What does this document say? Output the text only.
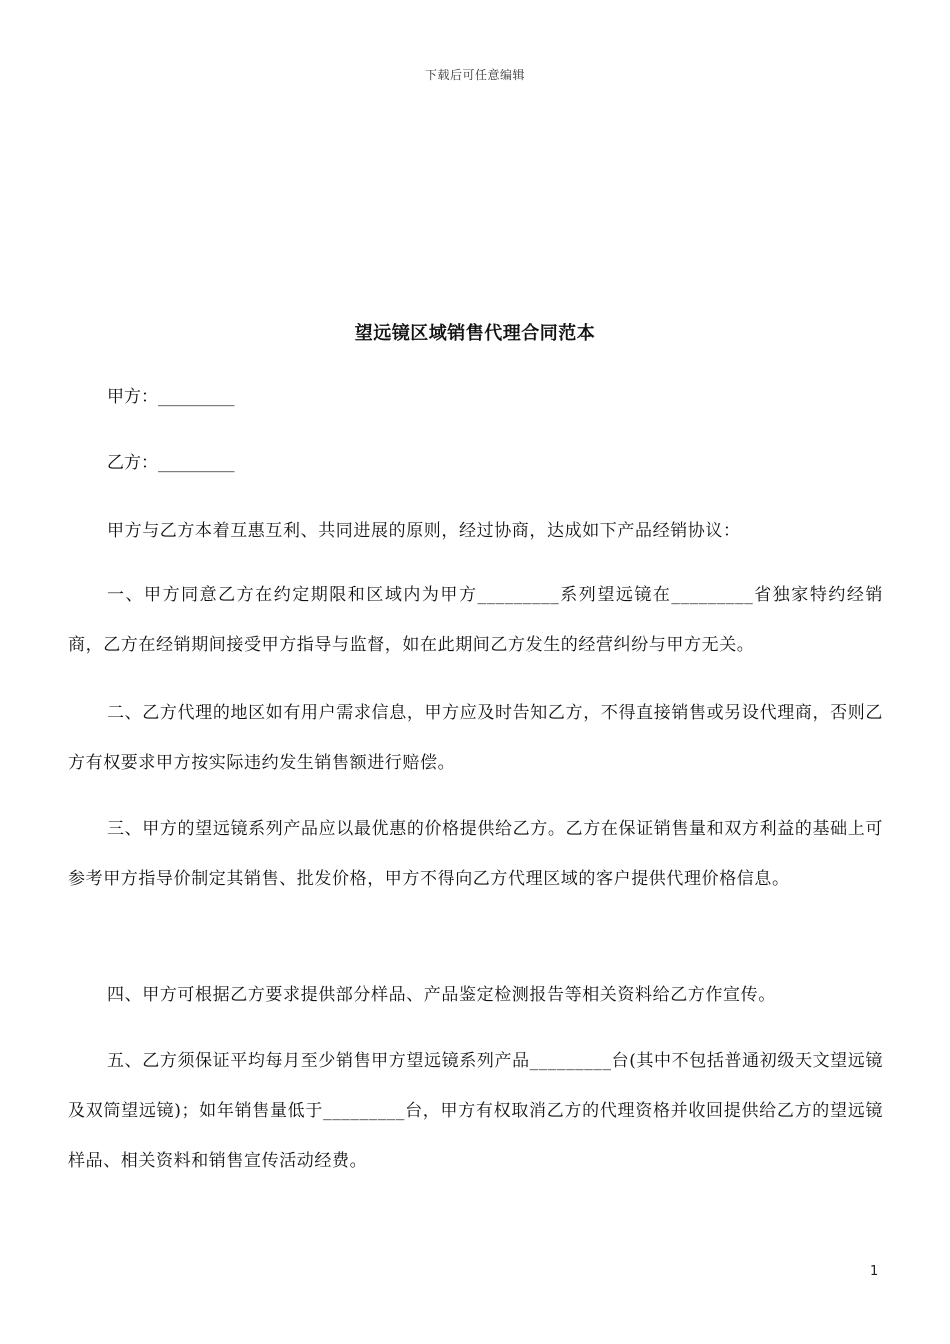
下载后可任意编辑
望远镜区域销售代理合同范本
甲方：_________
乙方：_________
甲方与乙方本着互惠互利、共同进展的原则，经过协商，达成如下产品经销协议：
一、甲方同意乙方在约定期限和区域内为甲方_________系列望远镜在_________省独家特约经销商，乙方在经销期间接受甲方指导与监督，如在此期间乙方发生的经营纠纷与甲方无关。
二、乙方代理的地区如有用户需求信息，甲方应及时告知乙方，不得直接销售或另设代理商，否则乙方有权要求甲方按实际违约发生销售额进行赔偿。
三、甲方的望远镜系列产品应以最优惠的价格提供给乙方。乙方在保证销售量和双方利益的基础上可参考甲方指导价制定其销售、批发价格，甲方不得向乙方代理区域的客户提供代理价格信息。
四、甲方可根据乙方要求提供部分样品、产品鉴定检测报告等相关资料给乙方作宣传。
五、乙方须保证平均每月至少销售甲方望远镜系列产品_________台(其中不包括普通初级天文望远镜及双筒望远镜)；如年销售量低于_________台，甲方有权取消乙方的代理资格并收回提供给乙方的望远镜样品、相关资料和销售宣传活动经费。
1
